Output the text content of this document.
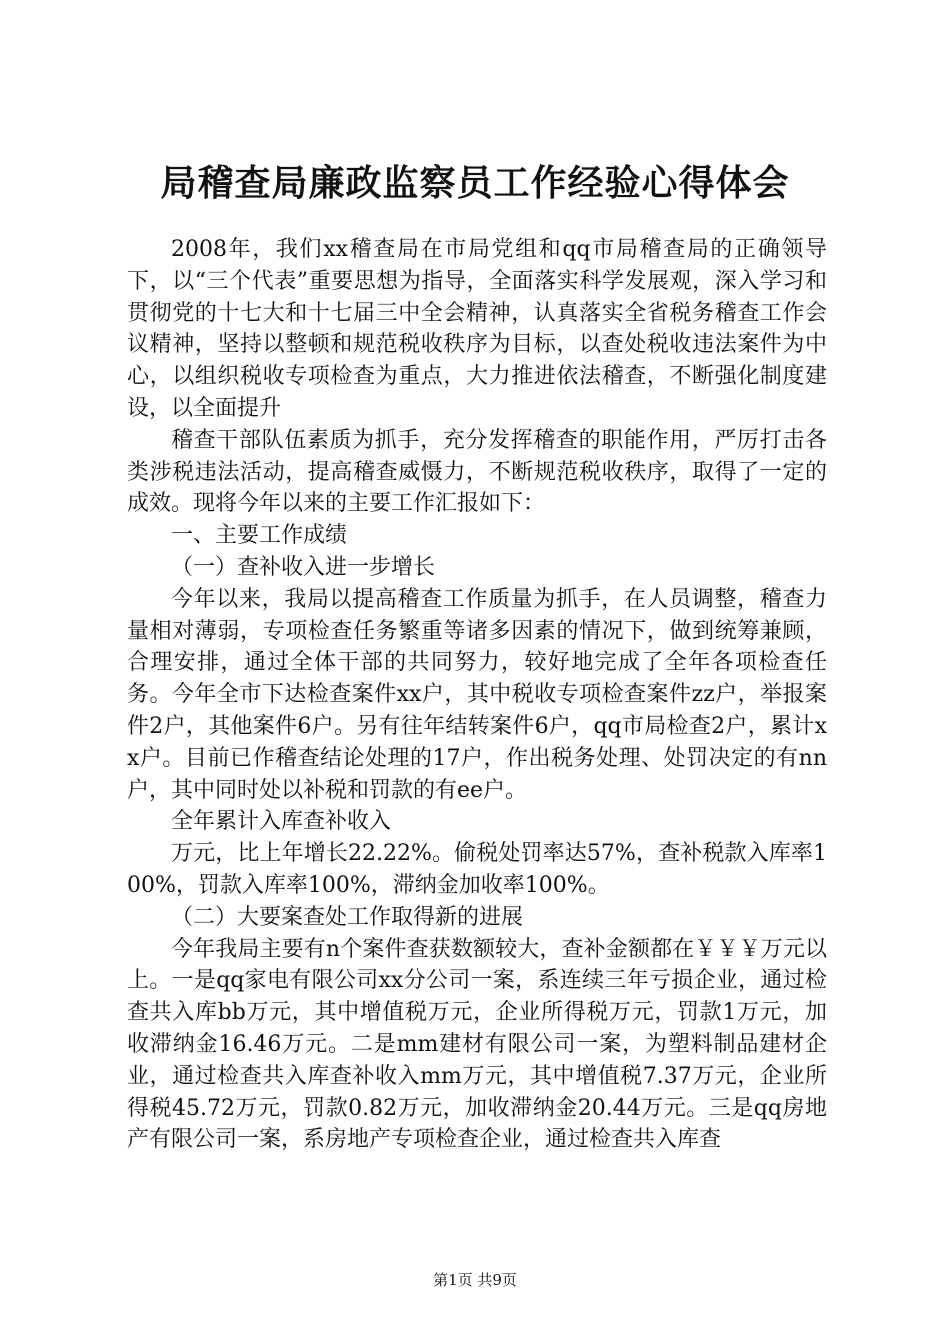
局稽查局廉政监察员工作经验心得体会

2008年，我们xx稽查局在市局党组和qq市局稽查局的正确领导下，以“三个代表”重要思想为指导，全面落实科学发展观，深入学习和贯彻党的十七大和十七届三中全会精神，认真落实全省税务稽查工作会议精神，坚持以整顿和规范税收秩序为目标，以查处税收违法案件为中心，以组织税收专项检查为重点，大力推进依法稽查，不断强化制度建设，以全面提升

稽查干部队伍素质为抓手，充分发挥稽查的职能作用，严厉打击各类涉税违法活动，提高稽查威慑力，不断规范税收秩序，取得了一定的成效。现将今年以来的主要工作汇报如下：

一、主要工作成绩

（一）查补收入进一步增长

今年以来，我局以提高稽查工作质量为抓手，在人员调整，稽查力量相对薄弱，专项检查任务繁重等诸多因素的情况下，做到统筹兼顾，合理安排，通过全体干部的共同努力，较好地完成了全年各项检查任务。今年全市下达检查案件xx户，其中税收专项检查案件zz户，举报案件2户，其他案件6户。另有往年结转案件6户，qq市局检查2户，累计xx户。目前已作稽查结论处理的17户，作出税务处理、处罚决定的有nn户，其中同时处以补税和罚款的有ee户。

全年累计入库查补收入

万元，比上年增长22.22%。偷税处罚率达57%，查补税款入库率100%，罚款入库率100%，滞纳金加收率100%。

（二）大要案查处工作取得新的进展

今年我局主要有n个案件查获数额较大，查补金额都在￥￥￥万元以上。一是qq家电有限公司xx分公司一案，系连续三年亏损企业，通过检查共入库bb万元，其中增值税万元，企业所得税万元，罚款1万元，加收滞纳金16.46万元。二是mm建材有限公司一案，为塑料制品建材企业，通过检查共入库查补收入mm万元，其中增值税7.37万元，企业所得税45.72万元，罚款0.82万元，加收滞纳金20.44万元。三是qq房地产有限公司一案，系房地产专项检查企业，通过检查共入库查

第1页 共9页
